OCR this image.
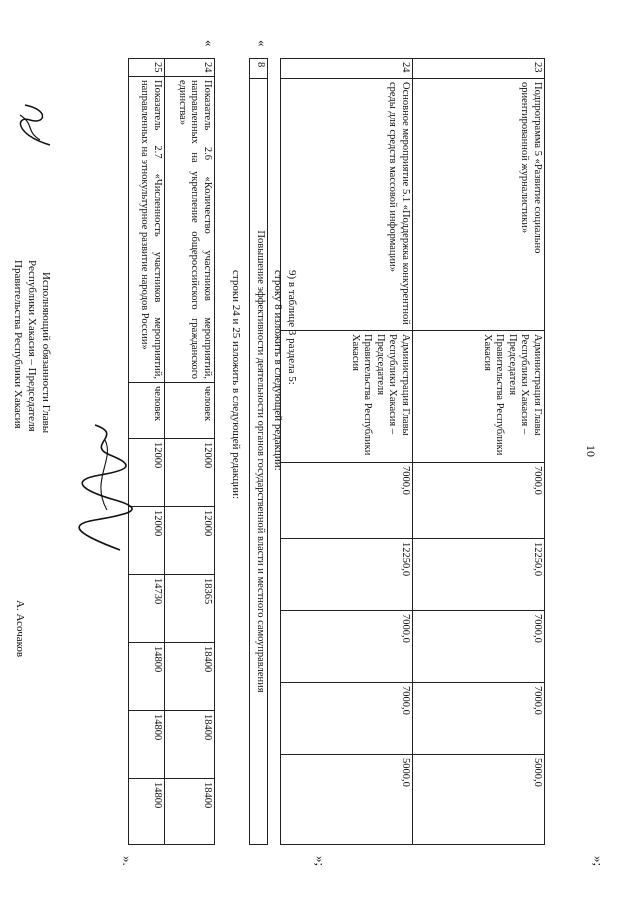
10
23	Подпрограмма 5 «Развитие социально ориентированной журналистики»	Администрация Главы Республики Хакасия – Председателя Правительства Республики Хакасия	7000,0	12250,0	7000,0	7000,0	5000,0
24	Основное мероприятие 5.1 «Поддержка конкурентной среды для средств массовой информации»	Администрация Главы Республики Хакасия – Председателя Правительства Республики Хакасия	7000,0	12250,0	7000,0	7000,0	5000,0
»;
9) в таблице 3 раздела 5:
строку 8 изложить в следующей редакции:
«
8	Повышение эффективности деятельности органов государственной власти и местного самоуправления
»;
строки 24 и 25 изложить в следующей редакции:
«
24	Показатель 2.6 «Количество участников мероприятий, направленных на укрепление общероссийского гражданского единства»	человек	12000	12000	18365	18400	18400	18400
25	Показатель 2.7 «Численность участников мероприятий, направленных на этнокультурное развитие народов России»	человек	12000	12000	14730	14800	14800	14800
».
Исполняющий обязанности Главы
Республики Хакасия – Председателя
Правительства Республики Хакасия
А. Асочаков
